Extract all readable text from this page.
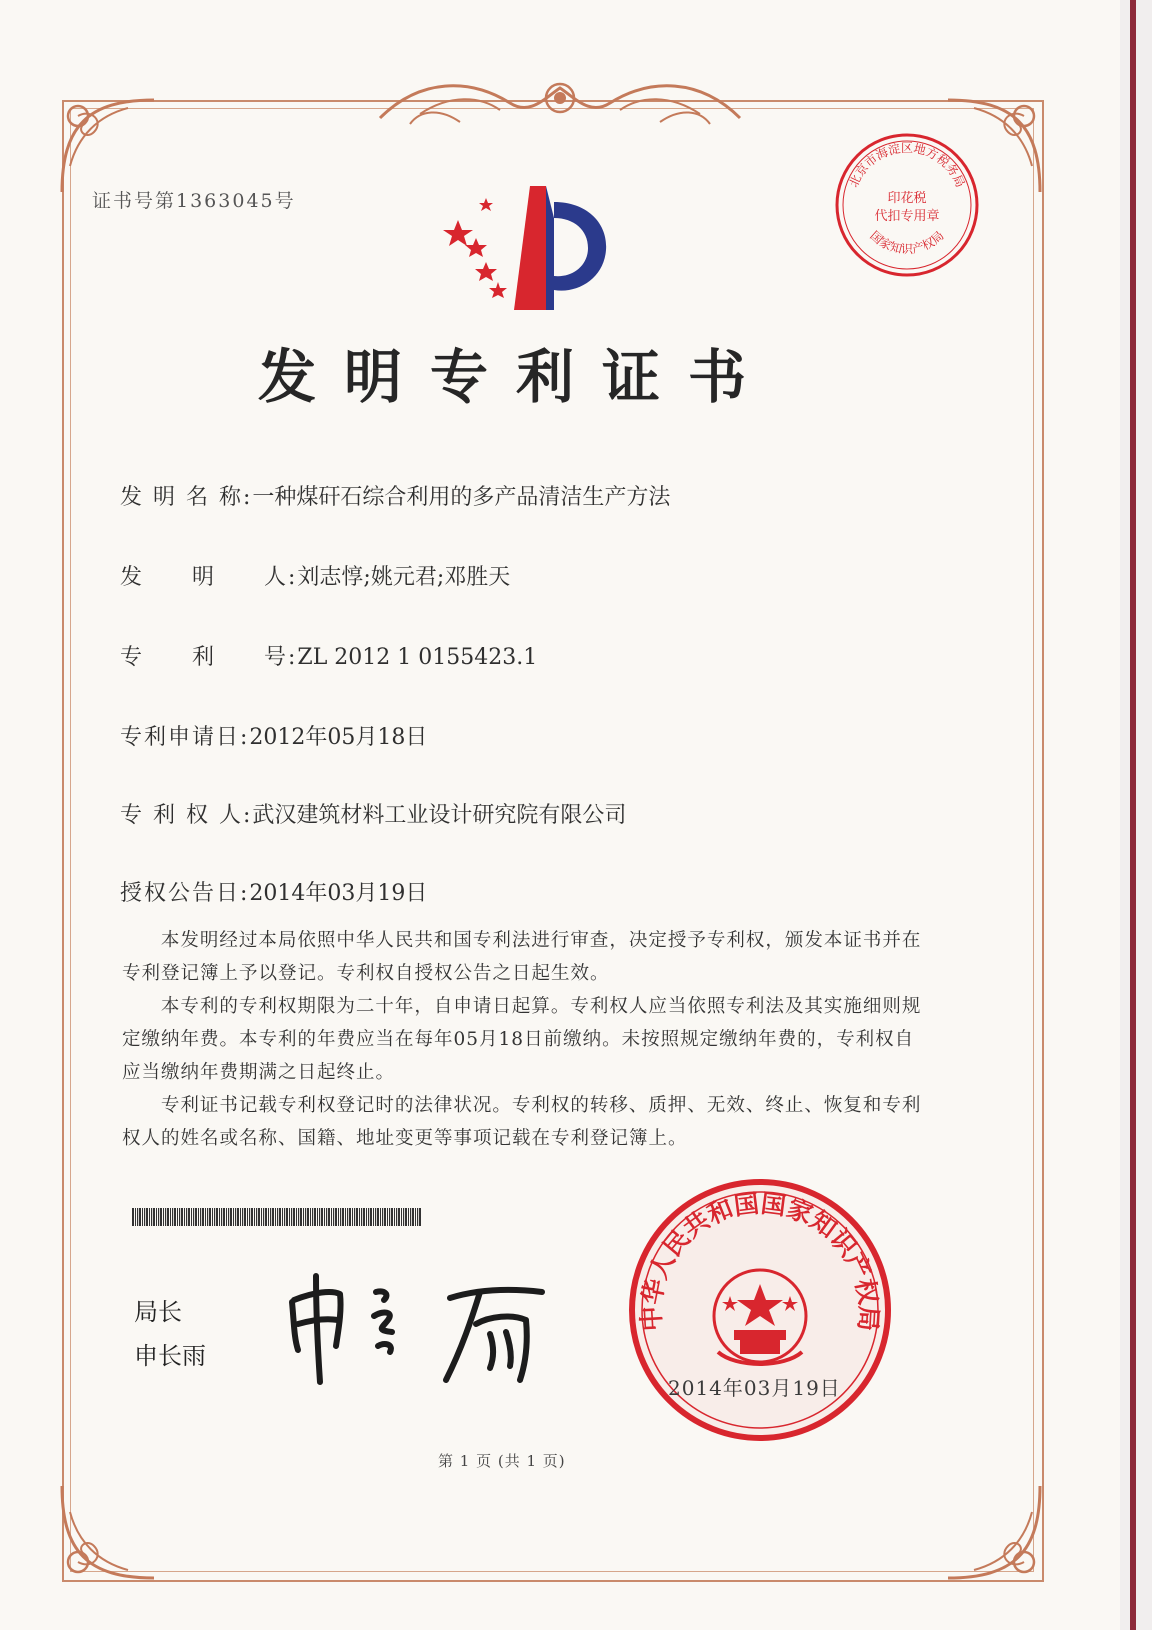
证书号第1363045号
北京市海淀区地方税务局
印花税
代扣专用章
国家知识产权局
发明专利证书
发 明 名 称:一种煤矸石综合利用的多产品清洁生产方法
发　　明　　人:刘志惇;姚元君;邓胜天
专　　利　　号:ZL 2012 1 0155423.1
专利申请日:2012年05月18日
专 利 权 人:武汉建筑材料工业设计研究院有限公司
授权公告日:2014年03月19日

本发明经过本局依照中华人民共和国专利法进行审查，决定授予专利权，颁发本证书并在专利登记簿上予以登记。专利权自授权公告之日起生效。

本专利的专利权期限为二十年，自申请日起算。专利权人应当依照专利法及其实施细则规定缴纳年费。本专利的年费应当在每年05月18日前缴纳。未按照规定缴纳年费的，专利权自应当缴纳年费期满之日起终止。

专利证书记载专利权登记时的法律状况。专利权的转移、质押、无效、终止、恢复和专利权人的姓名或名称、国籍、地址变更等事项记载在专利登记簿上。

局长
申长雨
中华人民共和国国家知识产权局
2014年03月19日
第 1 页 (共 1 页)
